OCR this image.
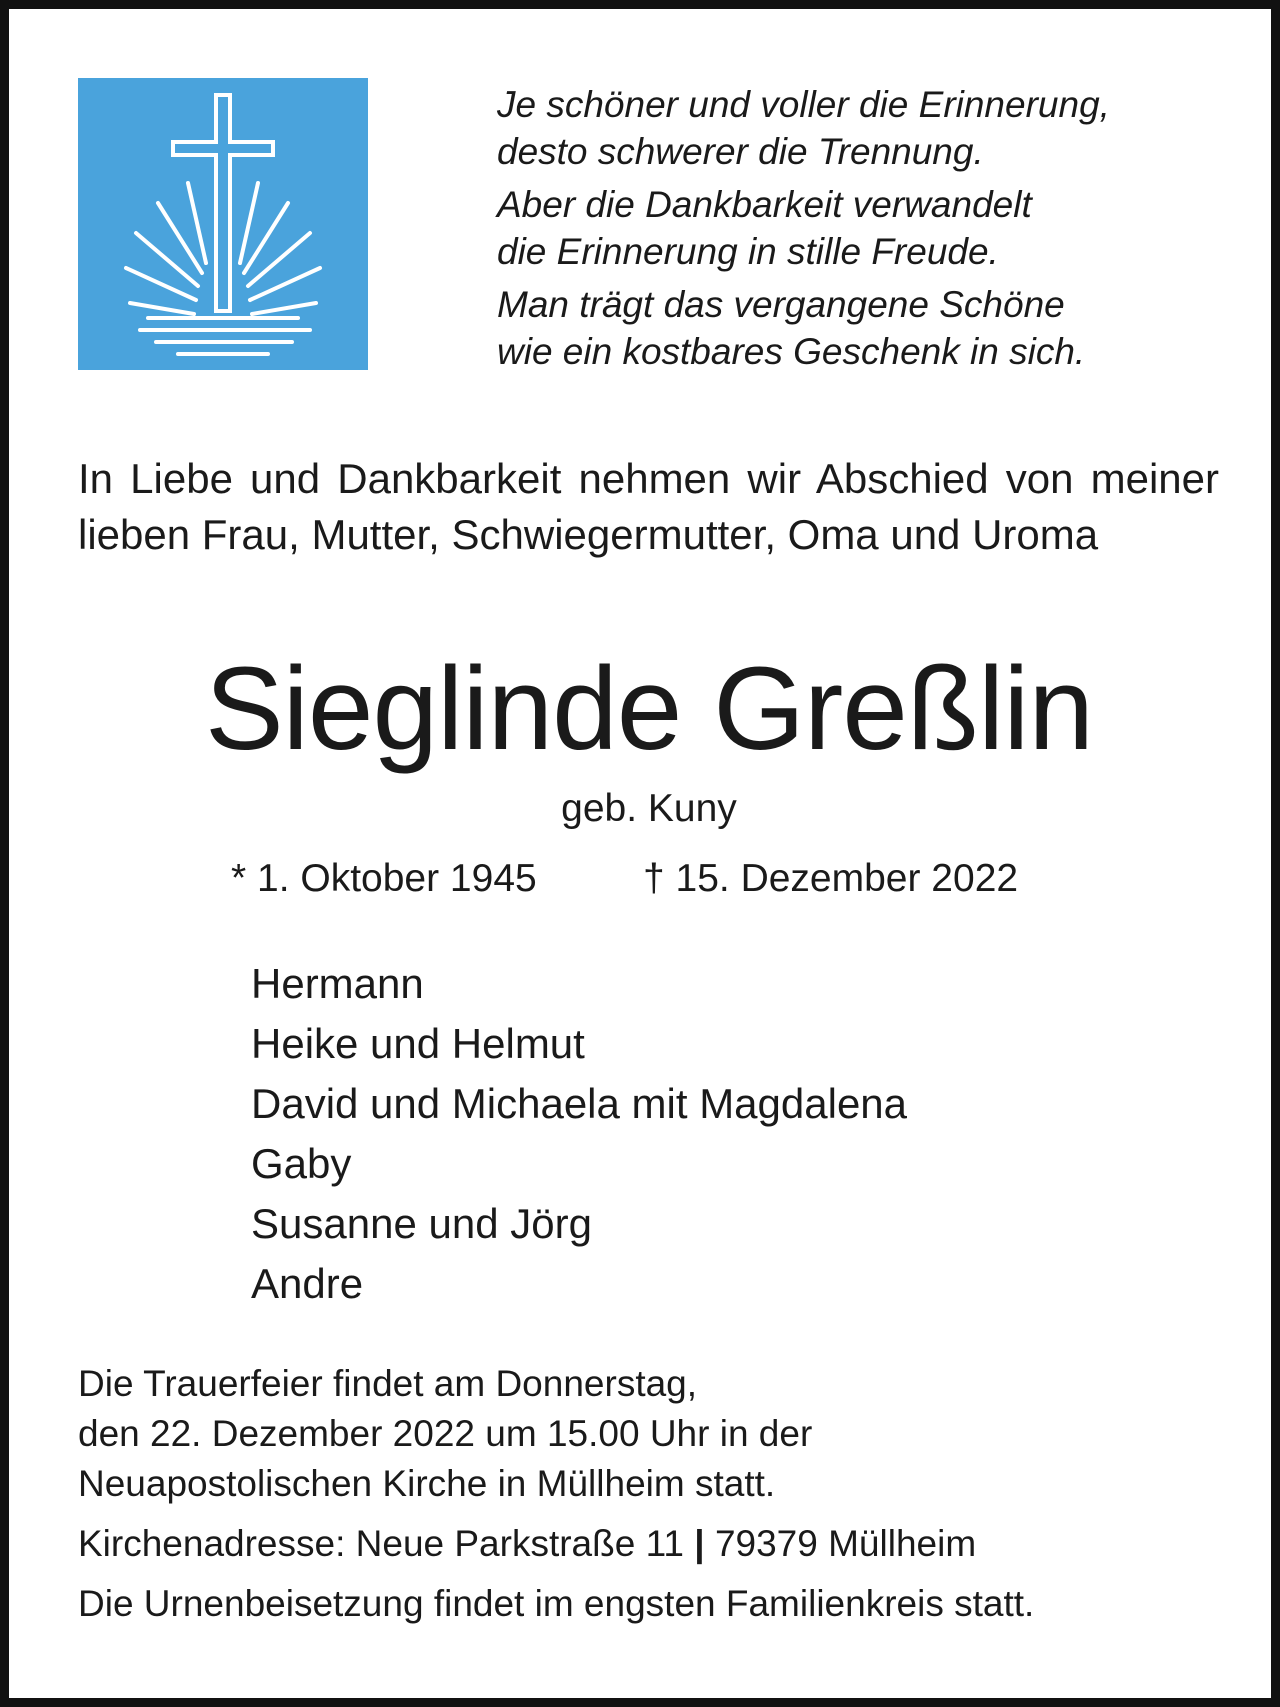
Je schöner und voller die Erinnerung,
desto schwerer die Trennung.
Aber die Dankbarkeit verwandelt
die Erinnerung in stille Freude.
Man trägt das vergangene Schöne
wie ein kostbares Geschenk in sich.
In Liebe und Dankbarkeit nehmen wir Abschied von meiner lieben Frau, Mutter, Schwiegermutter, Oma und Uroma
Sieglinde Greßlin
geb. Kuny
* 1. Oktober 1945	† 15. Dezember 2022
Hermann
Heike und Helmut
David und Michaela mit Magdalena
Gaby
Susanne und Jörg
Andre
Die Trauerfeier findet am Donnerstag,
den 22. Dezember 2022 um 15.00 Uhr in der
Neuapostolischen Kirche in Müllheim statt.
Kirchenadresse: Neue Parkstraße 11 | 79379 Müllheim
Die Urnenbeisetzung findet im engsten Familienkreis statt.
